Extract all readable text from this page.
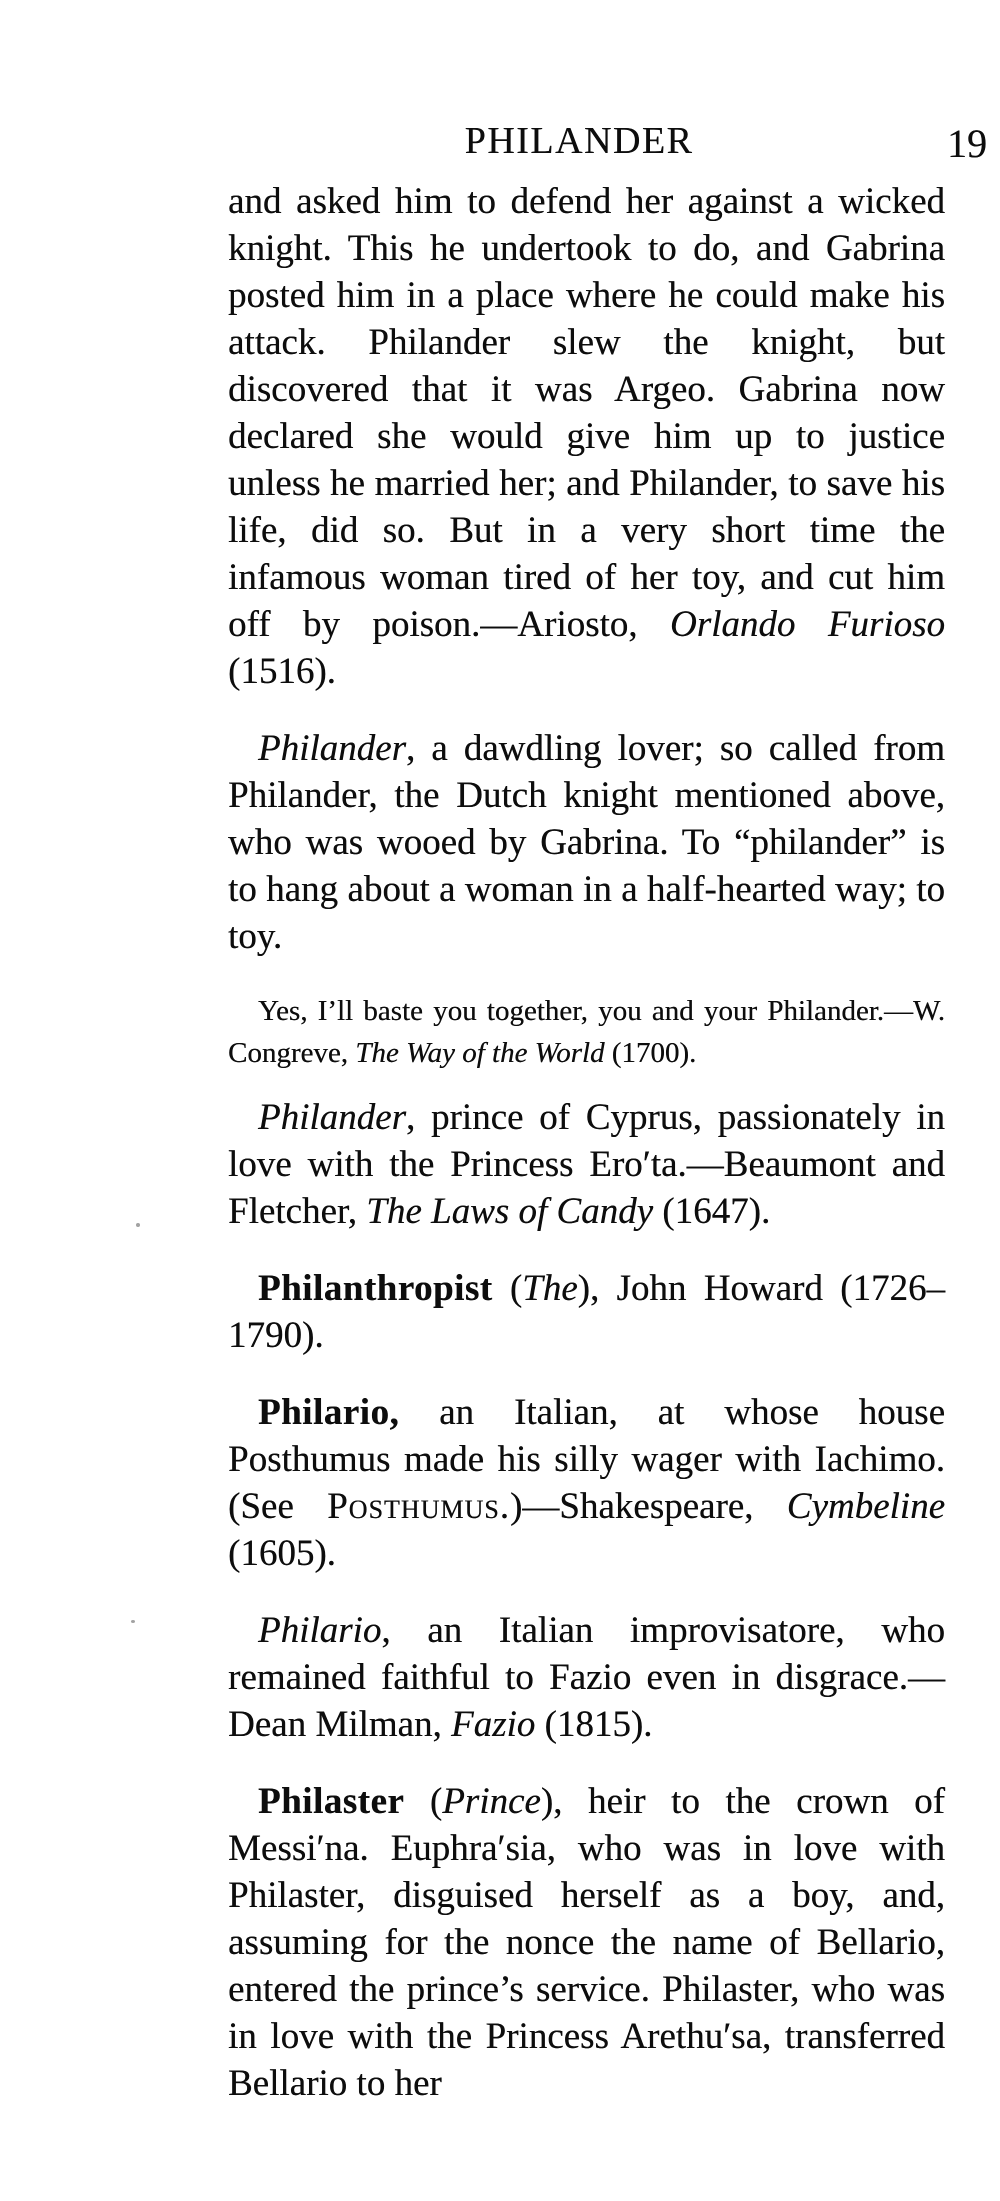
PHILANDER	19

and asked him to defend her against a wicked knight. This he undertook to do, and Gabrina posted him in a place where he could make his attack. Philander slew the knight, but discovered that it was Argeo. Gabrina now declared she would give him up to justice unless he married her; and Philander, to save his life, did so. But in a very short time the infamous woman tired of her toy, and cut him off by poison.—Ariosto, Orlando Furioso (1516).

Philander, a dawdling lover; so called from Philander, the Dutch knight mentioned above, who was wooed by Gabrina. To “philander” is to hang about a woman in a half-hearted way; to toy.

Yes, I’ll baste you together, you and your Philander.—W. Congreve, The Way of the World (1700).

Philander, prince of Cyprus, passionately in love with the Princess Ero′ta.—Beaumont and Fletcher, The Laws of Candy (1647).

Philanthropist (The), John Howard (1726–1790).

Philario, an Italian, at whose house Posthumus made his silly wager with Iachimo. (See Posthumus.)—Shakespeare, Cymbeline (1605).

Philario, an Italian improvisatore, who remained faithful to Fazio even in disgrace.—Dean Milman, Fazio (1815).

Philaster (Prince), heir to the crown of Messi′na. Euphra′sia, who was in love with Philaster, disguised herself as a boy, and, assuming for the nonce the name of Bellario, entered the prince’s service. Philaster, who was in love with the Princess Arethu′sa, transferred Bellario to her
